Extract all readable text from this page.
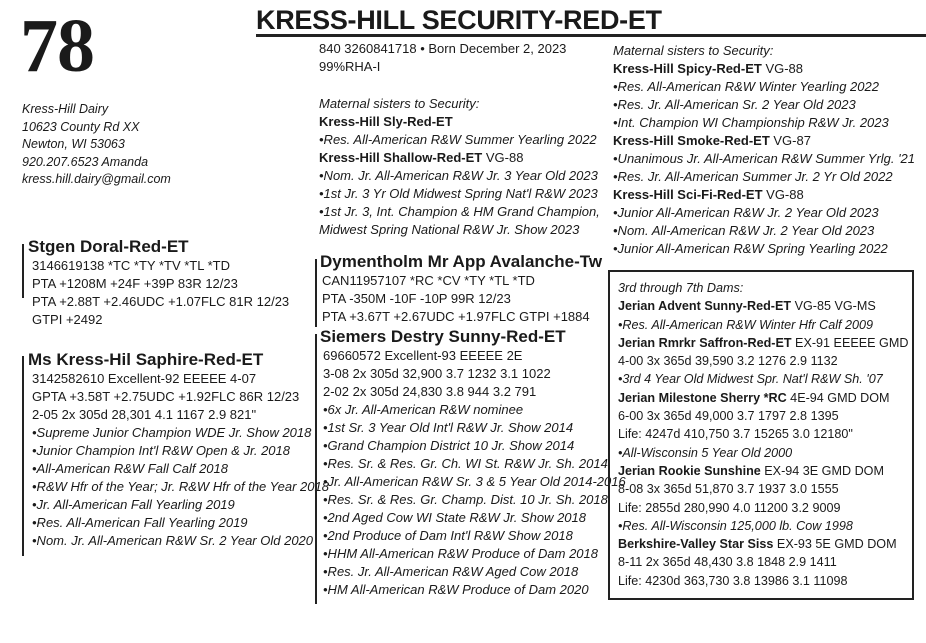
78	KRESS-HILL SECURITY-RED-ET
840 3260841718 • Born December 2, 2023
99%RHA-I
Kress-Hill Dairy
10623 County Rd XX
Newton, WI 53063
920.207.6523 Amanda
kress.hill.dairy@gmail.com
Maternal sisters to Security:
Kress-Hill Sly-Red-ET
•Res. All-American R&W Summer Yearling 2022
Kress-Hill Shallow-Red-ET VG-88
•Nom. Jr. All-American R&W Jr. 3 Year Old 2023
•1st Jr. 3 Yr Old Midwest Spring Nat'l R&W 2023
•1st Jr. 3, Int. Champion & HM Grand Champion,
Midwest Spring National R&W Jr. Show 2023
Maternal sisters to Security:
Kress-Hill Spicy-Red-ET VG-88
•Res. All-American R&W Winter Yearling 2022
•Res. Jr. All-American Sr. 2 Year Old 2023
•Int. Champion WI Championship R&W Jr. 2023
Kress-Hill Smoke-Red-ET VG-87
•Unanimous Jr. All-American R&W Summer Yrlg. '21
•Res. Jr. All-American Summer Jr. 2 Yr Old 2022
Kress-Hill Sci-Fi-Red-ET VG-88
•Junior All-American R&W Jr. 2 Year Old 2023
•Nom. All-American R&W Jr. 2 Year Old 2023
•Junior All-American R&W Spring Yearling 2022
Stgen Doral-Red-ET
3146619138 *TC *TY *TV *TL *TD
PTA +1208M +24F +39P 83R 12/23
PTA +2.88T +2.46UDC +1.07FLC 81R 12/23
GTPI +2492
Ms Kress-Hil Saphire-Red-ET
3142582610 Excellent-92 EEEEE 4-07
GPTA +3.58T +2.75UDC +1.92FLC 86R 12/23
2-05 2x 305d 28,301 4.1 1167 2.9 821"
•Supreme Junior Champion WDE Jr. Show 2018
•Junior Champion Int'l R&W Open & Jr. 2018
•All-American R&W Fall Calf 2018
•R&W Hfr of the Year; Jr. R&W Hfr of the Year 2018
•Jr. All-American Fall Yearling 2019
•Res. All-American Fall Yearling 2019
•Nom. Jr. All-American R&W Sr. 2 Year Old 2020
Dymentholm Mr App Avalanche-Tw
CAN11957107 *RC *CV *TY *TL *TD
PTA -350M -10F -10P 99R 12/23
PTA +3.67T +2.67UDC +1.97FLC GTPI +1884
Siemers Destry Sunny-Red-ET
69660572 Excellent-93 EEEEE 2E
3-08 2x 305d 32,900 3.7 1232 3.1 1022
2-02 2x 305d 24,830 3.8 944 3.2 791
•6x Jr. All-American R&W nominee
•1st Sr. 3 Year Old Int'l R&W Jr. Show 2014
•Grand Champion District 10 Jr. Show 2014
•Res. Sr. & Res. Gr. Ch. WI St. R&W Jr. Sh. 2014
•Jr. All-American R&W Sr. 3 & 5 Year Old 2014-2016
•Res. Sr. & Res. Gr. Champ. Dist. 10 Jr. Sh. 2018
•2nd Aged Cow WI State R&W Jr. Show 2018
•2nd Produce of Dam Int'l R&W Show 2018
•HHM All-American R&W Produce of Dam 2018
•Res. Jr. All-American R&W Aged Cow 2018
•HM All-American R&W Produce of Dam 2020
3rd through 7th Dams:
Jerian Advent Sunny-Red-ET VG-85 VG-MS
•Res. All-American R&W Winter Hfr Calf 2009
Jerian Rmrkr Saffron-Red-ET EX-91 EEEEE GMD
4-00 3x 365d 39,590 3.2 1276 2.9 1132
•3rd 4 Year Old Midwest Spr. Nat'l R&W Sh. '07
Jerian Milestone Sherry *RC 4E-94 GMD DOM
6-00 3x 365d 49,000 3.7 1797 2.8 1395
Life: 4247d 410,750 3.7 15265 3.0 12180"
•All-Wisconsin 5 Year Old 2000
Jerian Rookie Sunshine EX-94 3E GMD DOM
8-08 3x 365d 51,870 3.7 1937 3.0 1555
Life: 2855d 280,990 4.0 11200 3.2 9009
•Res. All-Wisconsin 125,000 lb. Cow 1998
Berkshire-Valley Star Siss EX-93 5E GMD DOM
8-11 2x 365d 48,430 3.8 1848 2.9 1411
Life: 4230d 363,730 3.8 13986 3.1 11098
